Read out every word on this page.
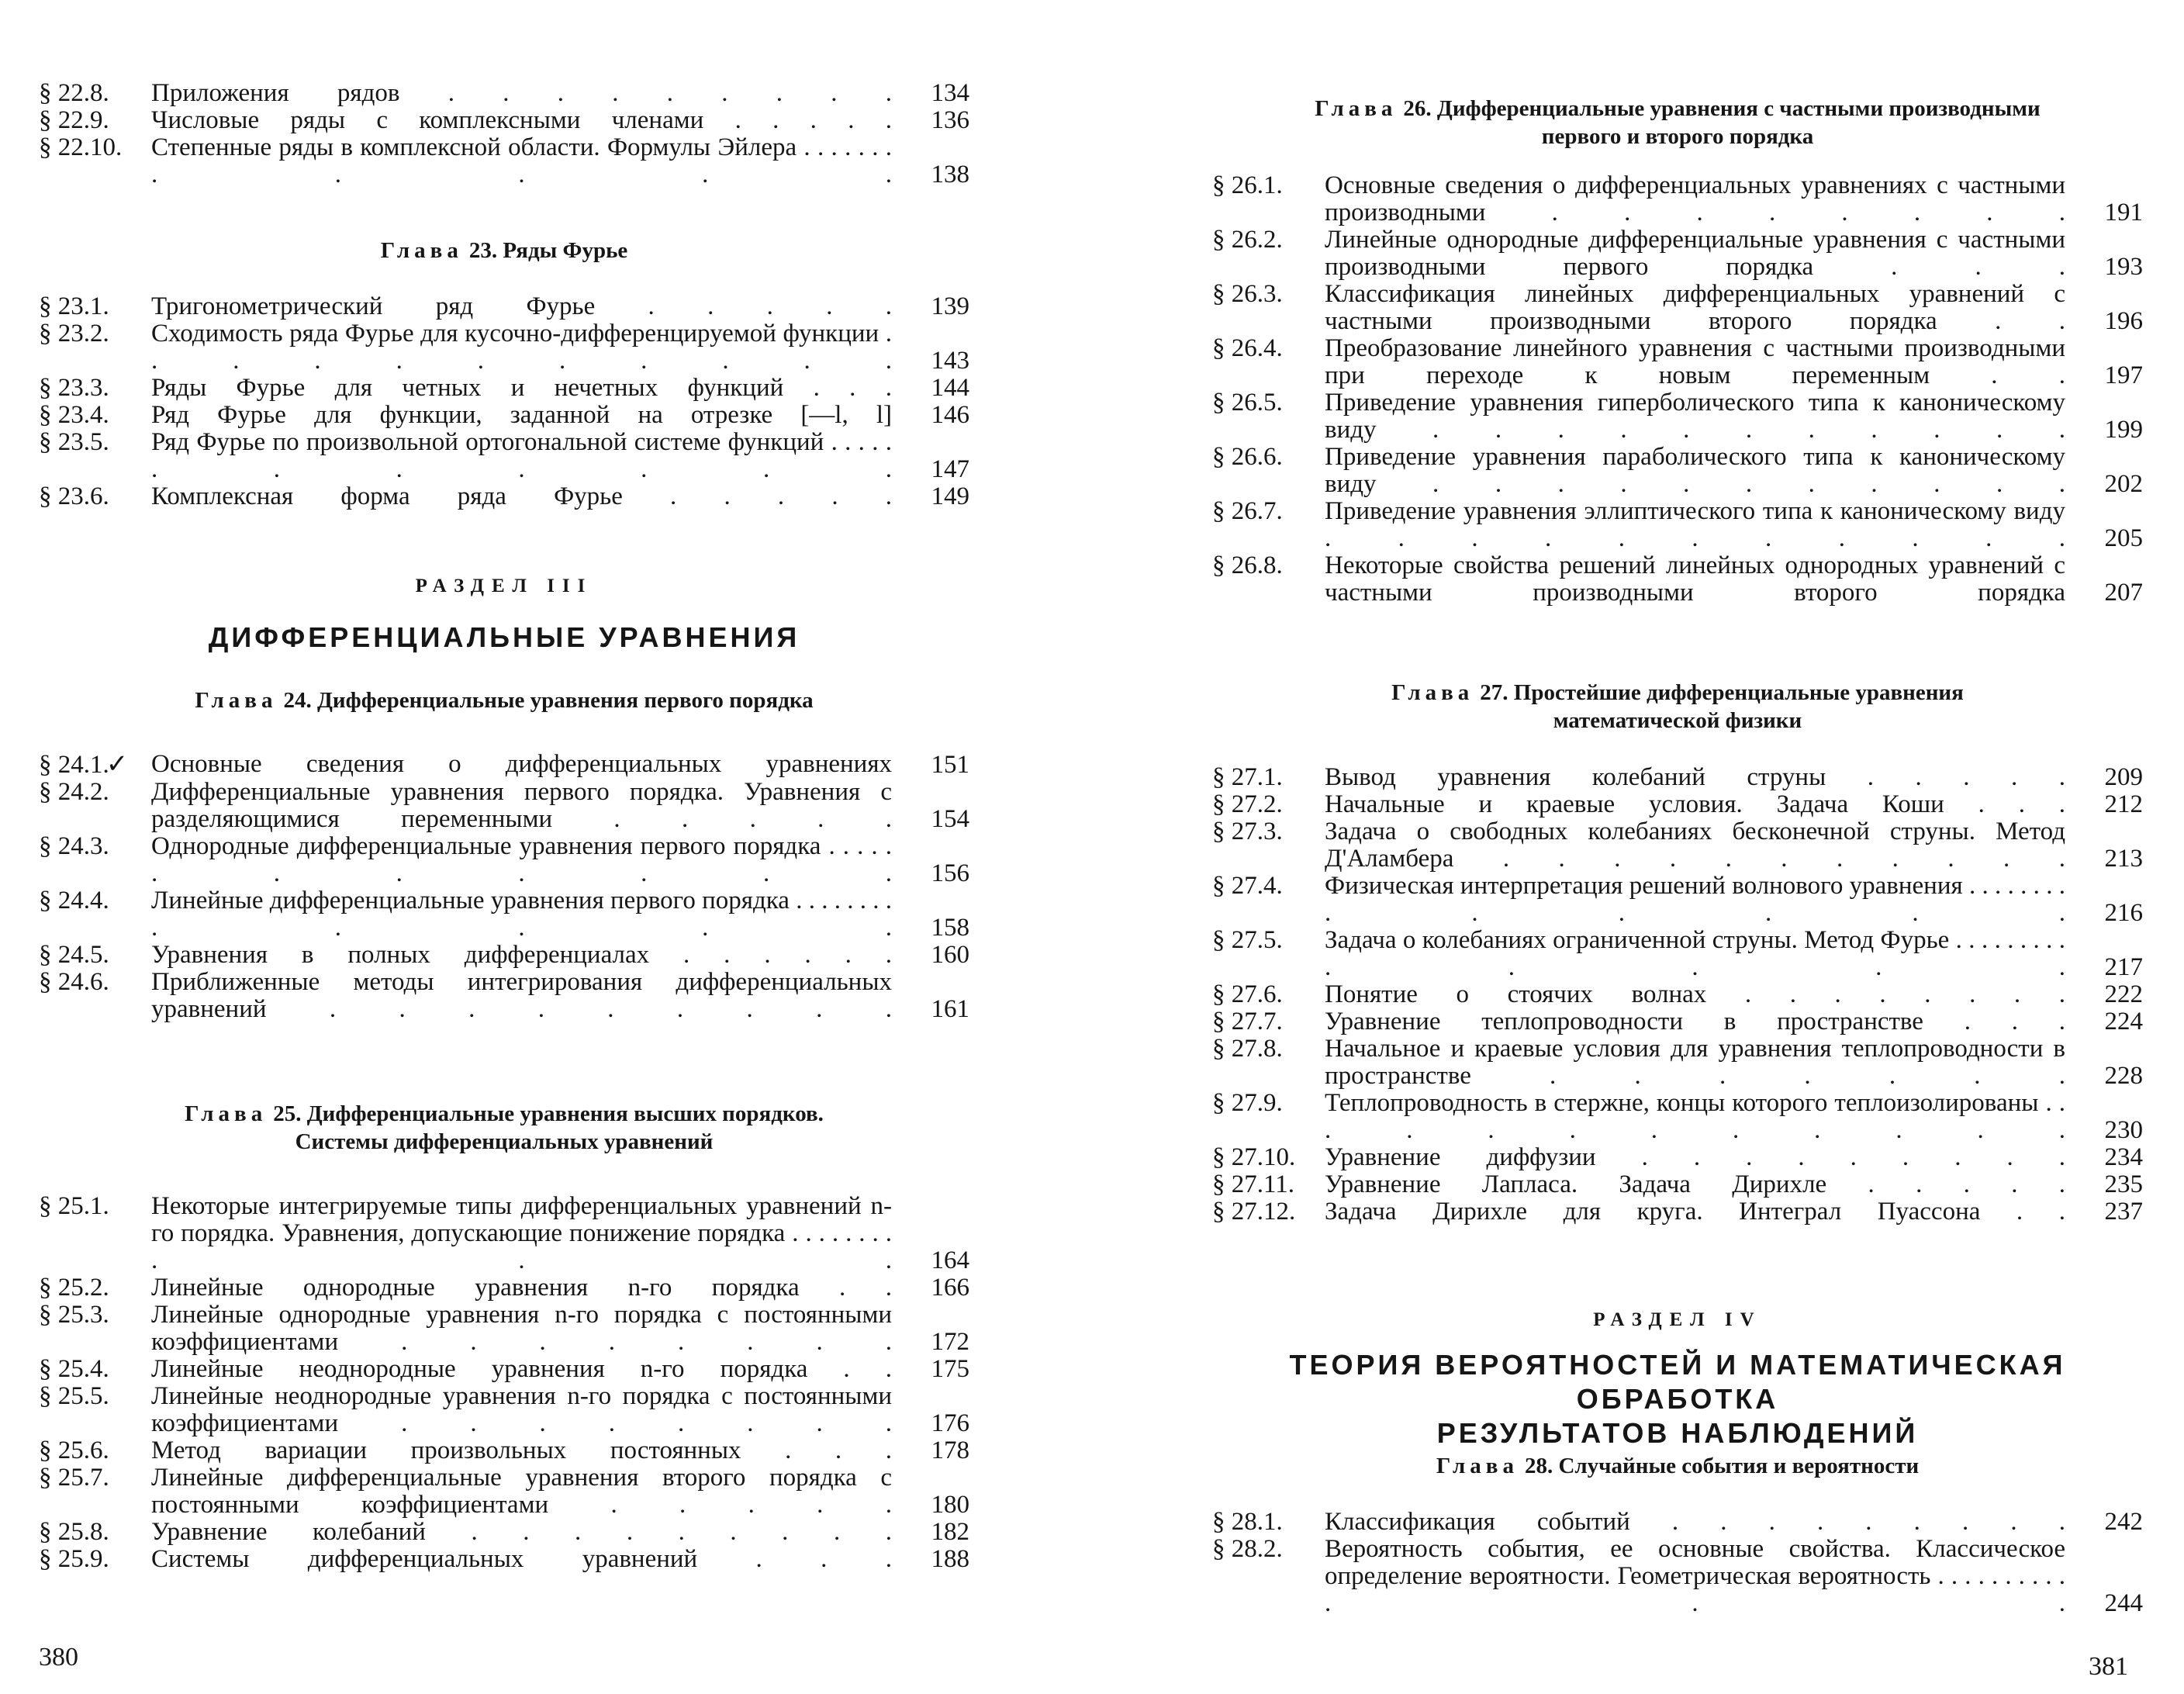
§ 22.8.	Приложения рядов . . . . . . . . .	134
§ 22.9.	Числовые ряды с комплексными членами . . . . .	136
§ 22.10.	Степенные ряды в комплексной области. Формулы Эйлера . . . . . . . . . . . .	138
Глава 23. Ряды Фурье
§ 23.1.	Тригонометрический ряд Фурье . . . . .	139
§ 23.2.	Сходимость ряда Фурье для кусочно-дифференцируемой функции . . . . . . . . . . .	143
§ 23.3.	Ряды Фурье для четных и нечетных функций . . .	144
§ 23.4.	Ряд Фурье для функции, заданной на отрезке [—l, l]	146
§ 23.5.	Ряд Фурье по произвольной ортогональной системе функций . . . . . . . . . . . .	147
§ 23.6.	Комплексная форма ряда Фурье . . . . .	149
РАЗДЕЛ III
ДИФФЕРЕНЦИАЛЬНЫЕ УРАВНЕНИЯ
Глава 24. Дифференциальные уравнения первого порядка
§ 24.1.✓ Основные сведения о дифференциальных уравнениях	151
§ 24.2.	Дифференциальные уравнения первого порядка. Уравнения с разделяющимися переменными . . . . .	154
§ 24.3.	Однородные дифференциальные уравнения первого порядка . . . . . . . . . . . .	156
§ 24.4.	Линейные дифференциальные уравнения первого порядка . . . . . . . . . . . . .	158
§ 24.5.	Уравнения в полных дифференциалах . . . . . .	160
§ 24.6.	Приближенные методы интегрирования дифференциальных уравнений . . . . . . . . .	161
Глава 25. Дифференциальные уравнения высших порядков.
Системы дифференциальных уравнений
§ 25.1.	Некоторые интегрируемые типы дифференциальных уравнений n-го порядка. Уравнения, допускающие понижение порядка . . . . . . . . . . .	164
§ 25.2.	Линейные однородные уравнения n-го порядка . .	166
§ 25.3.	Линейные однородные уравнения n-го порядка с постоянными коэффициентами . . . . . . . .	172
§ 25.4.	Линейные неоднородные уравнения n-го порядка . .	175
§ 25.5.	Линейные неоднородные уравнения n-го порядка с постоянными коэффициентами . . . . . . . .	176
§ 25.6.	Метод вариации произвольных постоянных . . .	178
§ 25.7.	Линейные дифференциальные уравнения второго порядка с постоянными коэффициентами . . . . .	180
§ 25.8.	Уравнение колебаний . . . . . . . . .	182
§ 25.9.	Системы дифференциальных уравнений . . .	188
380
Глава 26. Дифференциальные уравнения с частными производными
первого и второго порядка
§ 26.1.	Основные сведения о дифференциальных уравнениях с частными производными . . . . . . . .	191
§ 26.2.	Линейные однородные дифференциальные уравнения с частными производными первого порядка . . .	193
§ 26.3.	Классификация линейных дифференциальных уравнений с частными производными второго порядка . .	196
§ 26.4.	Преобразование линейного уравнения с частными производными при переходе к новым переменным . .	197
§ 26.5.	Приведение уравнения гиперболического типа к каноническому виду . . . . . . . . . . .	199
§ 26.6.	Приведение уравнения параболического типа к каноническому виду . . . . . . . . . . .	202
§ 26.7.	Приведение уравнения эллиптического типа к каноническому виду . . . . . . . . . . .	205
§ 26.8.	Некоторые свойства решений линейных однородных уравнений с частными производными второго порядка	207
Глава 27. Простейшие дифференциальные уравнения
математической физики
§ 27.1.	Вывод уравнения колебаний струны . . . . .	209
§ 27.2.	Начальные и краевые условия. Задача Коши . . .	212
§ 27.3.	Задача о свободных колебаниях бесконечной струны. Метод Д'Аламбера . . . . . . . . . . .	213
§ 27.4.	Физическая интерпретация решений волнового уравнения . . . . . . . . . . . . . .	216
§ 27.5.	Задача о колебаниях ограниченной струны. Метод Фурье . . . . . . . . . . . . . .	217
§ 27.6.	Понятие о стоячих волнах . . . . . . . .	222
§ 27.7.	Уравнение теплопроводности в пространстве . . .	224
§ 27.8.	Начальное и краевые условия для уравнения теплопроводности в пространстве . . . . . . .	228
§ 27.9.	Теплопроводность в стержне, концы которого теплоизолированы . . . . . . . . . . . .	230
§ 27.10.	Уравнение диффузии . . . . . . . . .	234
§ 27.11.	Уравнение Лапласа. Задача Дирихле . . . . .	235
§ 27.12.	Задача Дирихле для круга. Интеграл Пуассона . .	237
РАЗДЕЛ IV
ТЕОРИЯ ВЕРОЯТНОСТЕЙ И МАТЕМАТИЧЕСКАЯ ОБРАБОТКА
РЕЗУЛЬТАТОВ НАБЛЮДЕНИЙ
Глава 28. Случайные события и вероятности
§ 28.1.	Классификация событий . . . . . . . . .	242
§ 28.2.	Вероятность события, ее основные свойства. Классическое определение вероятности. Геометрическая вероятность . . . . . . . . . . . . .	244
381
